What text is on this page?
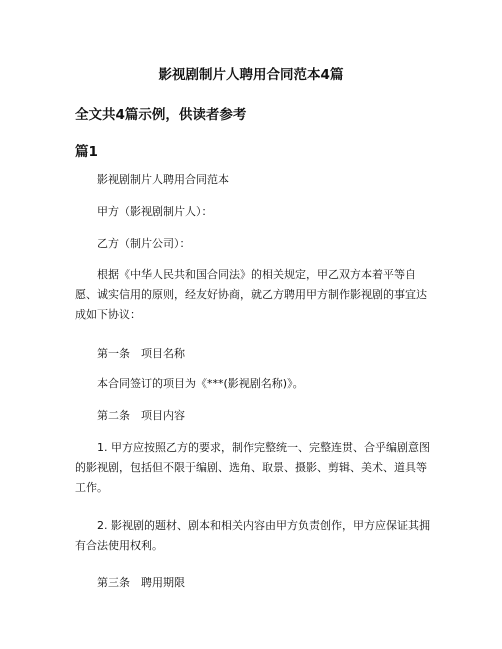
影视剧制片人聘用合同范本4篇
全文共4篇示例，供读者参考
篇1

影视剧制片人聘用合同范本

甲方（影视剧制片人）：

乙方（制片公司）：

根据《中华人民共和国合同法》的相关规定，甲乙双方本着平等自愿、诚实信用的原则，经友好协商，就乙方聘用甲方制作影视剧的事宜达成如下协议：

第一条　项目名称

本合同签订的项目为《***(影视剧名称)》。

第二条　项目内容

1. 甲方应按照乙方的要求，制作完整统一、完整连贯、合乎编剧意图的影视剧，包括但不限于编剧、选角、取景、摄影、剪辑、美术、道具等工作。

2. 影视剧的题材、剧本和相关内容由甲方负责创作，甲方应保证其拥有合法使用权利。

第三条　聘用期限
